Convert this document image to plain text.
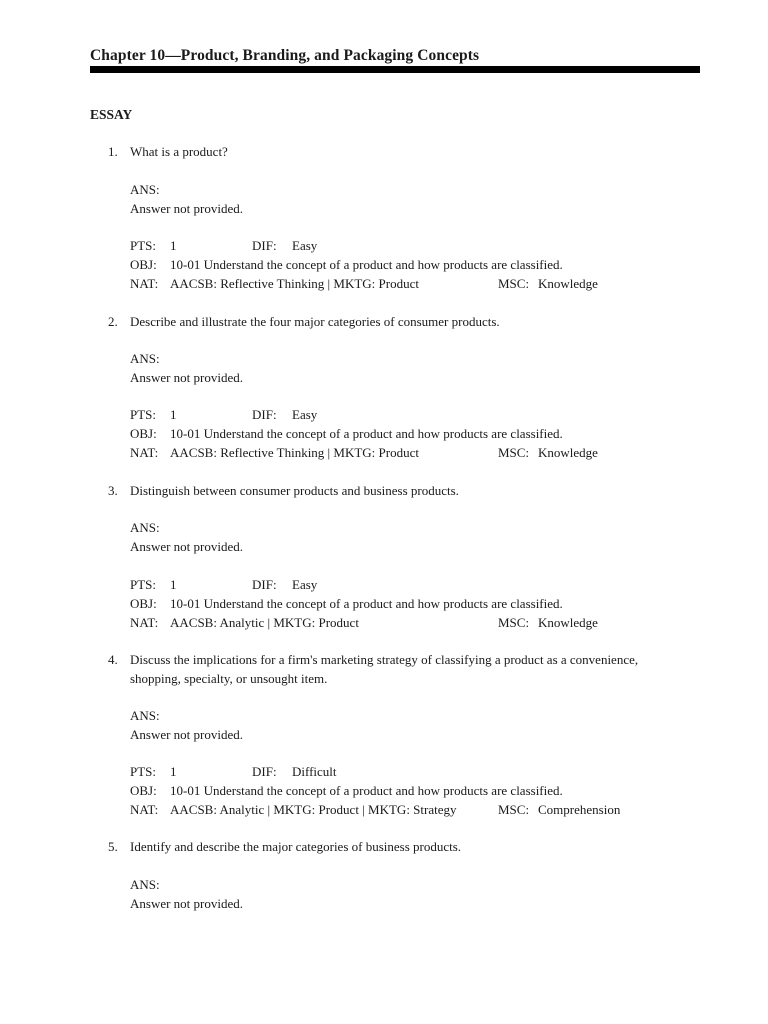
Chapter 10—Product, Branding, and Packaging Concepts
ESSAY
1. What is a product?
ANS:
Answer not provided.
PTS: 1	DIF: Easy
OBJ: 10-01 Understand the concept of a product and how products are classified.
NAT: AACSB: Reflective Thinking | MKTG: Product	MSC: Knowledge
2. Describe and illustrate the four major categories of consumer products.
ANS:
Answer not provided.
PTS: 1	DIF: Easy
OBJ: 10-01 Understand the concept of a product and how products are classified.
NAT: AACSB: Reflective Thinking | MKTG: Product	MSC: Knowledge
3. Distinguish between consumer products and business products.
ANS:
Answer not provided.
PTS: 1	DIF: Easy
OBJ: 10-01 Understand the concept of a product and how products are classified.
NAT: AACSB: Analytic | MKTG: Product	MSC: Knowledge
4. Discuss the implications for a firm's marketing strategy of classifying a product as a convenience,
shopping, specialty, or unsought item.
ANS:
Answer not provided.
PTS: 1	DIF: Difficult
OBJ: 10-01 Understand the concept of a product and how products are classified.
NAT: AACSB: Analytic | MKTG: Product | MKTG: Strategy	MSC: Comprehension
5. Identify and describe the major categories of business products.
ANS:
Answer not provided.
